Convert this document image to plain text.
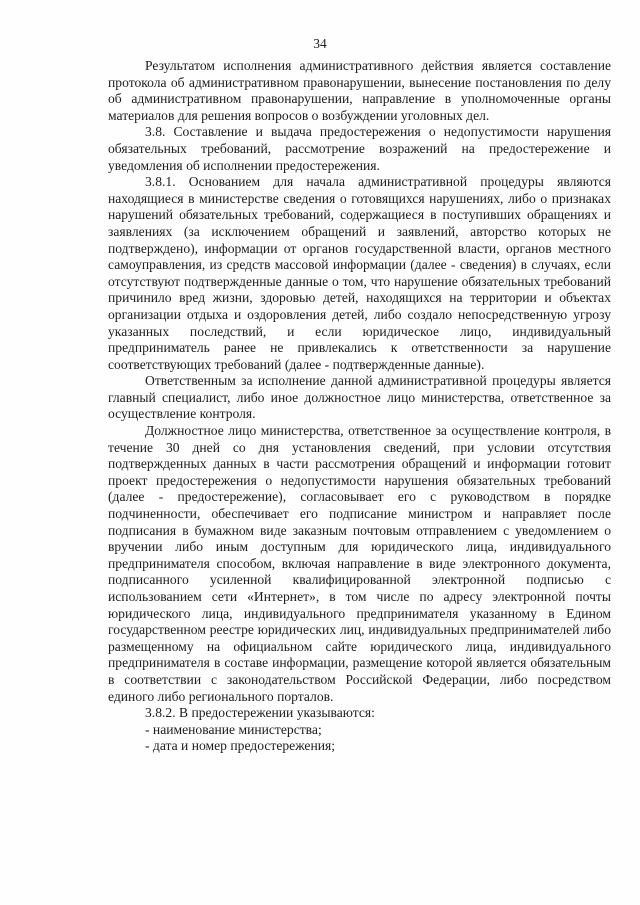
34

Результатом исполнения административного действия является составление протокола об административном правонарушении, вынесение постановления по делу об административном правонарушении, направление в уполномоченные органы материалов для решения вопросов о возбуждении уголовных дел.

3.8. Составление и выдача предостережения о недопустимости нарушения обязательных требований, рассмотрение возражений на предостережение и уведомления об исполнении предостережения.

3.8.1. Основанием для начала административной процедуры являются находящиеся в министерстве сведения о готовящихся нарушениях, либо о признаках нарушений обязательных требований, содержащиеся в поступивших обращениях и заявлениях (за исключением обращений и заявлений, авторство которых не подтверждено), информации от органов государственной власти, органов местного самоуправления, из средств массовой информации (далее - сведения) в случаях, если отсутствуют подтвержденные данные о том, что нарушение обязательных требований причинило вред жизни, здоровью детей, находящихся на территории и объектах организации отдыха и оздоровления детей, либо создало непосредственную угрозу указанных последствий, и если юридическое лицо, индивидуальный предприниматель ранее не привлекались к ответственности за нарушение соответствующих требований (далее - подтвержденные данные).

Ответственным за исполнение данной административной процедуры является главный специалист, либо иное должностное лицо министерства, ответственное за осуществление контроля.

Должностное лицо министерства, ответственное за осуществление контроля, в течение 30 дней со дня установления сведений, при условии отсутствия подтвержденных данных в части рассмотрения обращений и информации готовит проект предостережения о недопустимости нарушения обязательных требований (далее - предостережение), согласовывает его с руководством в порядке подчиненности, обеспечивает его подписание министром и направляет после подписания в бумажном виде заказным почтовым отправлением с уведомлением о вручении либо иным доступным для юридического лица, индивидуального предпринимателя способом, включая направление в виде электронного документа, подписанного усиленной квалифицированной электронной подписью с использованием сети «Интернет», в том числе по адресу электронной почты юридического лица, индивидуального предпринимателя указанному в Едином государственном реестре юридических лиц, индивидуальных предпринимателей либо размещенному на официальном сайте юридического лица, индивидуального предпринимателя в составе информации, размещение которой является обязательным в соответствии с законодательством Российской Федерации, либо посредством единого либо регионального порталов.

3.8.2. В предостережении указываются:

- наименование министерства;

- дата и номер предостережения;
